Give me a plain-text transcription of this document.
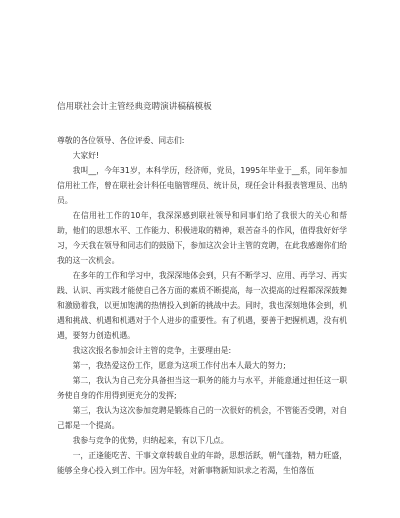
信用联社会计主管经典竞聘演讲稿稿模板
尊敬的各位领导、各位评委、同志们:

大家好!

我叫__，今年31岁，本科学历，经济师，党员，1995年毕业于__系，同年参加信用社工作，曾在联社会计科任电脑管理员、统计员，现任会计科报表管理员、出纳员。

在信用社工作的10年，我深深感到联社领导和同事们给了我很大的关心和帮助，他们的思想水平、工作能力、积极进取的精神，艰苦奋斗的作风，值得我好好学习，今天我在领导和同志们的鼓励下，参加这次会计主管的竞聘，在此我感谢你们给我的这一次机会。

在多年的工作和学习中，我深深地体会到，只有不断学习、应用、再学习、再实践、认识、再实践才能使自己各方面的素质不断提高，每一次提高的过程都深深鼓舞和激励着我，以更加饱满的热情投入到新的挑战中去。同时，我也深刻地体会到，机遇和挑战、机遇和机遇对于个人进步的重要性。有了机遇，要善于把握机遇，没有机遇，要努力创造机遇。

我这次报名参加会计主管的竞争，主要理由是:

第一，我热爱这份工作，愿意为这项工作付出本人最大的努力;

第二，我认为自己充分具备担当这一职务的能力与水平，并能意通过担任这一职务使自身的作用得到更充分的发挥;

第三，我认为这次参加竞聘是锻炼自己的一次很好的机会，不管能否受聘，对自己都是一个提高。

我参与竞争的优势，归纳起来，有以下几点。

一，正逢能吃苦、干事文章转载自业的年龄，思想活跃，朝气蓬勃，精力旺盛，能够全身心投入到工作中。因为年轻，对新事物新知识求之若渴，生怕落伍
